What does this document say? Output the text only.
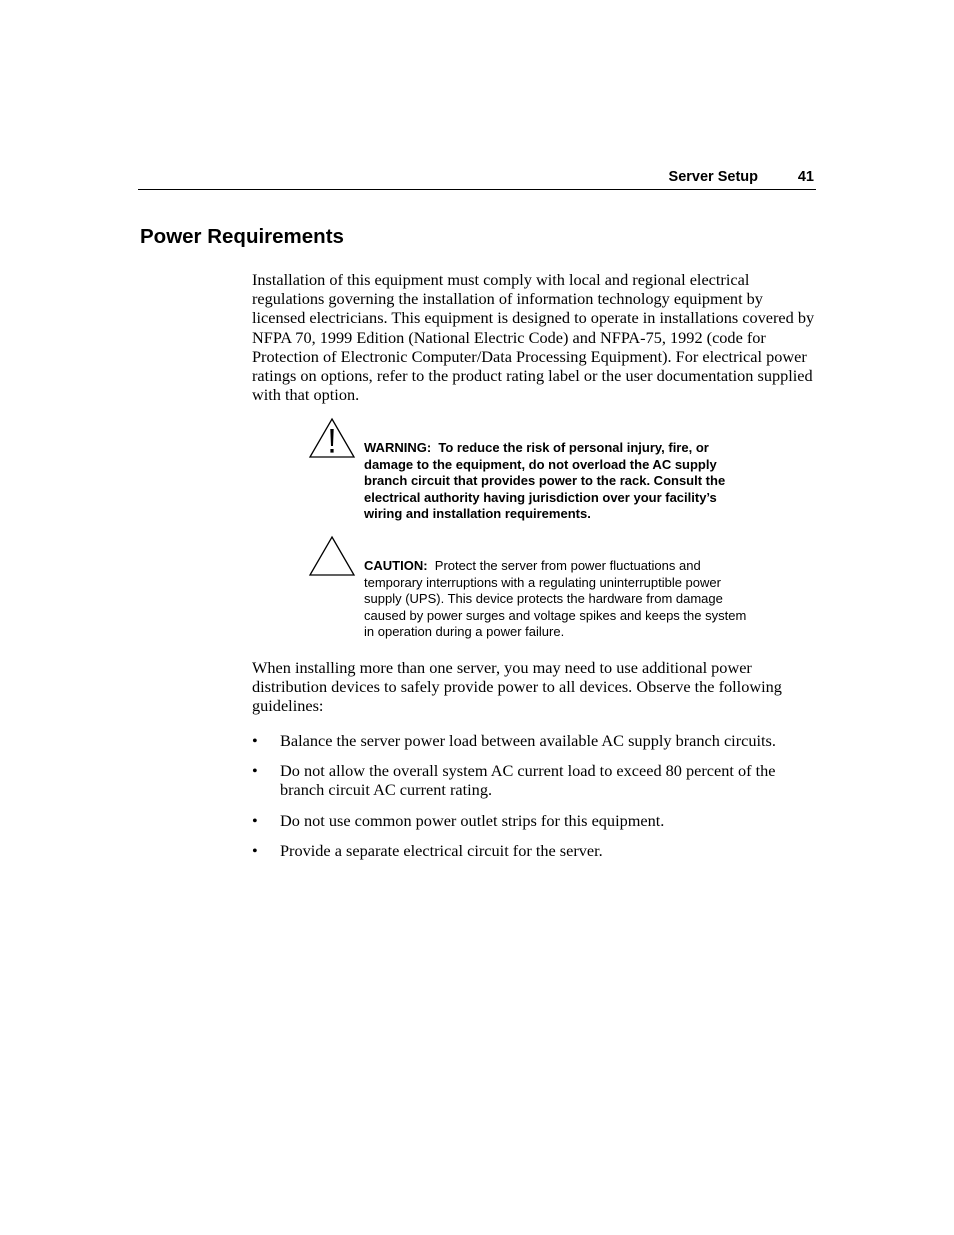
Server Setup	41
Power Requirements

Installation of this equipment must comply with local and regional electrical regulations governing the installation of information technology equipment by licensed electricians. This equipment is designed to operate in installations covered by NFPA 70, 1999 Edition (National Electric Code) and NFPA-75, 1992 (code for Protection of Electronic Computer/Data Processing Equipment). For electrical power ratings on options, refer to the product rating label or the user documentation supplied with that option.

WARNING: To reduce the risk of personal injury, fire, or damage to the equipment, do not overload the AC supply branch circuit that provides power to the rack. Consult the electrical authority having jurisdiction over your facility’s wiring and installation requirements.
CAUTION: Protect the server from power fluctuations and temporary interruptions with a regulating uninterruptible power supply (UPS). This device protects the hardware from damage caused by power surges and voltage spikes and keeps the system in operation during a power failure.

When installing more than one server, you may need to use additional power distribution devices to safely provide power to all devices. Observe the following guidelines:

• Balance the server power load between available AC supply branch circuits.
• Do not allow the overall system AC current load to exceed 80 percent of the branch circuit AC current rating.
• Do not use common power outlet strips for this equipment.
• Provide a separate electrical circuit for the server.
